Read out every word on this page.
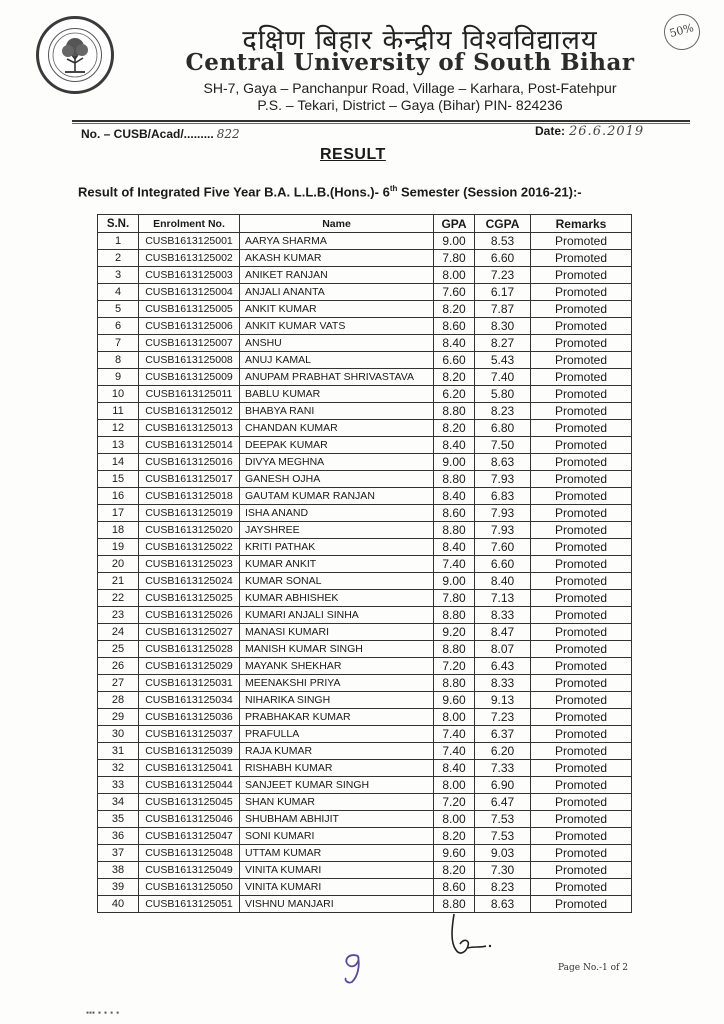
दक्षिण बिहार केन्द्रीय विश्वविद्यालय
Central University of South Bihar
SH-7, Gaya – Panchanpur Road, Village – Karhara, Post-Fatehpur
P.S. – Tekari, District – Gaya (Bihar) PIN- 824236
50%
No. – CUSB/Acad/......... 822	Date: 26.6.2019
RESULT
Result of Integrated Five Year B.A. L.L.B.(Hons.)- 6th Semester (Session 2016-21):-
S.N.	Enrolment No.	Name	GPA	CGPA	Remarks
1	CUSB1613125001	AARYA SHARMA	9.00	8.53	Promoted
2	CUSB1613125002	AKASH KUMAR	7.80	6.60	Promoted
3	CUSB1613125003	ANIKET RANJAN	8.00	7.23	Promoted
4	CUSB1613125004	ANJALI ANANTA	7.60	6.17	Promoted
5	CUSB1613125005	ANKIT KUMAR	8.20	7.87	Promoted
6	CUSB1613125006	ANKIT KUMAR VATS	8.60	8.30	Promoted
7	CUSB1613125007	ANSHU	8.40	8.27	Promoted
8	CUSB1613125008	ANUJ KAMAL	6.60	5.43	Promoted
9	CUSB1613125009	ANUPAM PRABHAT SHRIVASTAVA	8.20	7.40	Promoted
10	CUSB1613125011	BABLU KUMAR	6.20	5.80	Promoted
11	CUSB1613125012	BHABYA RANI	8.80	8.23	Promoted
12	CUSB1613125013	CHANDAN KUMAR	8.20	6.80	Promoted
13	CUSB1613125014	DEEPAK KUMAR	8.40	7.50	Promoted
14	CUSB1613125016	DIVYA MEGHNA	9.00	8.63	Promoted
15	CUSB1613125017	GANESH OJHA	8.80	7.93	Promoted
16	CUSB1613125018	GAUTAM KUMAR RANJAN	8.40	6.83	Promoted
17	CUSB1613125019	ISHA ANAND	8.60	7.93	Promoted
18	CUSB1613125020	JAYSHREE	8.80	7.93	Promoted
19	CUSB1613125022	KRITI PATHAK	8.40	7.60	Promoted
20	CUSB1613125023	KUMAR ANKIT	7.40	6.60	Promoted
21	CUSB1613125024	KUMAR SONAL	9.00	8.40	Promoted
22	CUSB1613125025	KUMAR ABHISHEK	7.80	7.13	Promoted
23	CUSB1613125026	KUMARI ANJALI SINHA	8.80	8.33	Promoted
24	CUSB1613125027	MANASI KUMARI	9.20	8.47	Promoted
25	CUSB1613125028	MANISH KUMAR SINGH	8.80	8.07	Promoted
26	CUSB1613125029	MAYANK SHEKHAR	7.20	6.43	Promoted
27	CUSB1613125031	MEENAKSHI PRIYA	8.80	8.33	Promoted
28	CUSB1613125034	NIHARIKA SINGH	9.60	9.13	Promoted
29	CUSB1613125036	PRABHAKAR KUMAR	8.00	7.23	Promoted
30	CUSB1613125037	PRAFULLA	7.40	6.37	Promoted
31	CUSB1613125039	RAJA KUMAR	7.40	6.20	Promoted
32	CUSB1613125041	RISHABH KUMAR	8.40	7.33	Promoted
33	CUSB1613125044	SANJEET KUMAR SINGH	8.00	6.90	Promoted
34	CUSB1613125045	SHAN KUMAR	7.20	6.47	Promoted
35	CUSB1613125046	SHUBHAM ABHIJIT	8.00	7.53	Promoted
36	CUSB1613125047	SONI KUMARI	8.20	7.53	Promoted
37	CUSB1613125048	UTTAM KUMAR	9.60	9.03	Promoted
38	CUSB1613125049	VINITA KUMARI	8.20	7.30	Promoted
39	CUSB1613125050	VINITA KUMARI	8.60	8.23	Promoted
40	CUSB1613125051	VISHNU MANJARI	8.80	8.63	Promoted
Page No.-1 of 2
▪▪▪ ▪ ▪ ▪ ▪
